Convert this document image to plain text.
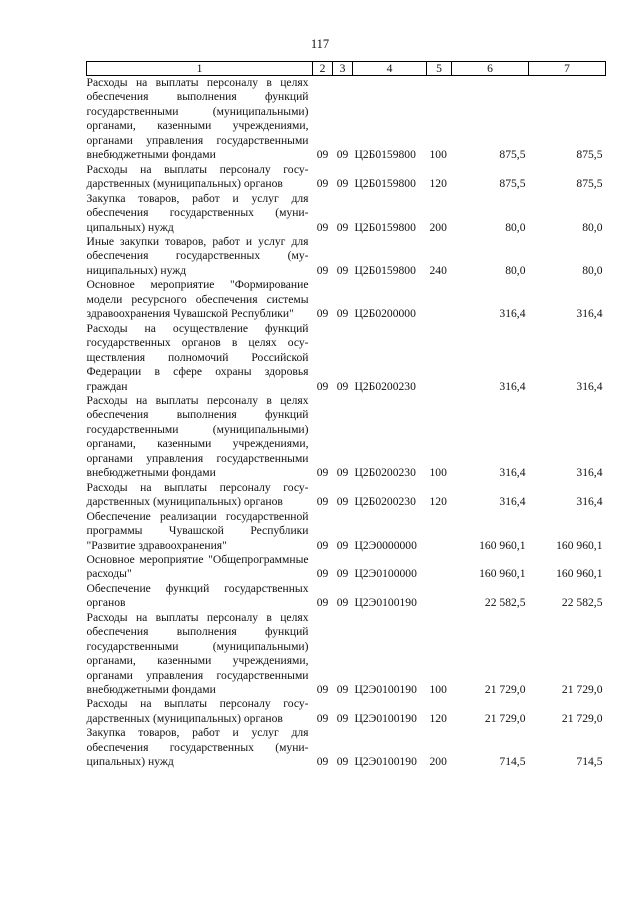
117
1	2	3	4	5	6	7
Расходы на выплаты персоналу в целях обеспечения выполнения функций государственными (муниципальными) органами, казенными учреждениями, органами управления государственными внебюджетными фондами	09	09	Ц2Б0159800	100	875,5	875,5
Расходы на выплаты персоналу государственных (муниципальных) органов	09	09	Ц2Б0159800	120	875,5	875,5
Закупка товаров, работ и услуг для обеспечения государственных (муниципальных) нужд	09	09	Ц2Б0159800	200	80,0	80,0
Иные закупки товаров, работ и услуг для обеспечения государственных (муниципальных) нужд	09	09	Ц2Б0159800	240	80,0	80,0
Основное мероприятие "Формирование модели ресурсного обеспечения системы здравоохранения Чувашской Республики"	09	09	Ц2Б0200000		316,4	316,4
Расходы на осуществление функций государственных органов в целях осуществления полномочий Российской Федерации в сфере охраны здоровья граждан	09	09	Ц2Б0200230		316,4	316,4
Расходы на выплаты персоналу в целях обеспечения выполнения функций государственными (муниципальными) органами, казенными учреждениями, органами управления государственными внебюджетными фондами	09	09	Ц2Б0200230	100	316,4	316,4
Расходы на выплаты персоналу государственных (муниципальных) органов	09	09	Ц2Б0200230	120	316,4	316,4
Обеспечение реализации государственной программы Чувашской Республики "Развитие здравоохранения"	09	09	Ц2Э0000000		160 960,1	160 960,1
Основное мероприятие "Общепрограммные расходы"	09	09	Ц2Э0100000		160 960,1	160 960,1
Обеспечение функций государственных органов	09	09	Ц2Э0100190		22 582,5	22 582,5
Расходы на выплаты персоналу в целях обеспечения выполнения функций государственными (муниципальными) органами, казенными учреждениями, органами управления государственными внебюджетными фондами	09	09	Ц2Э0100190	100	21 729,0	21 729,0
Расходы на выплаты персоналу государственных (муниципальных) органов	09	09	Ц2Э0100190	120	21 729,0	21 729,0
Закупка товаров, работ и услуг для обеспечения государственных (муниципальных) нужд	09	09	Ц2Э0100190	200	714,5	714,5
